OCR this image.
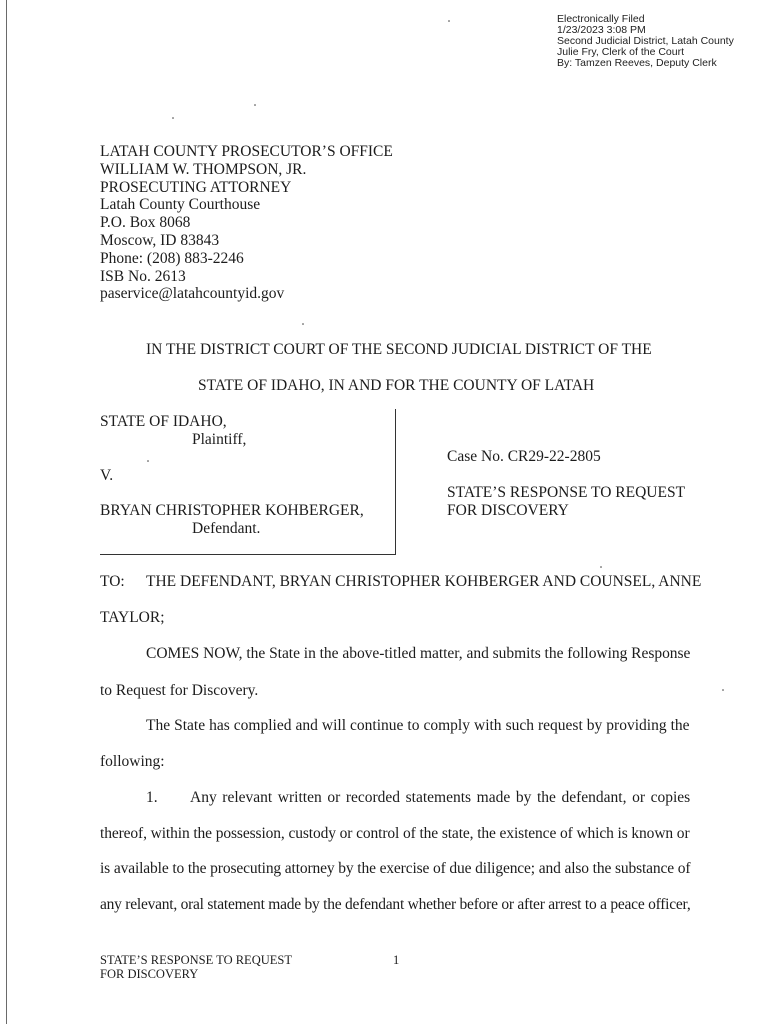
Electronically Filed
1/23/2023 3:08 PM
Second Judicial District, Latah County
Julie Fry, Clerk of the Court
By: Tamzen Reeves, Deputy Clerk
LATAH COUNTY PROSECUTOR’S OFFICE
WILLIAM W. THOMPSON, JR.
PROSECUTING ATTORNEY
Latah County Courthouse
P.O. Box 8068
Moscow, ID 83843
Phone: (208) 883-2246
ISB No. 2613
paservice@latahcountyid.gov
IN THE DISTRICT COURT OF THE SECOND JUDICIAL DISTRICT OF THE
STATE OF IDAHO, IN AND FOR THE COUNTY OF LATAH
STATE OF IDAHO,
Plaintiff,
V.
BRYAN CHRISTOPHER KOHBERGER,
Defendant.
Case No. CR29-22-2805
STATE’S RESPONSE TO REQUEST
FOR DISCOVERY
TO: THE DEFENDANT, BRYAN CHRISTOPHER KOHBERGER AND COUNSEL, ANNE
TAYLOR;
COMES NOW, the State in the above-titled matter, and submits the following Response
to Request for Discovery.
The State has complied and will continue to comply with such request by providing the
following:
1. Any relevant written or recorded statements made by the defendant, or copies
thereof, within the possession, custody or control of the state, the existence of which is known or
is available to the prosecuting attorney by the exercise of due diligence; and also the substance of
any relevant, oral statement made by the defendant whether before or after arrest to a peace officer,
STATE’S RESPONSE TO REQUEST
FOR DISCOVERY
1
